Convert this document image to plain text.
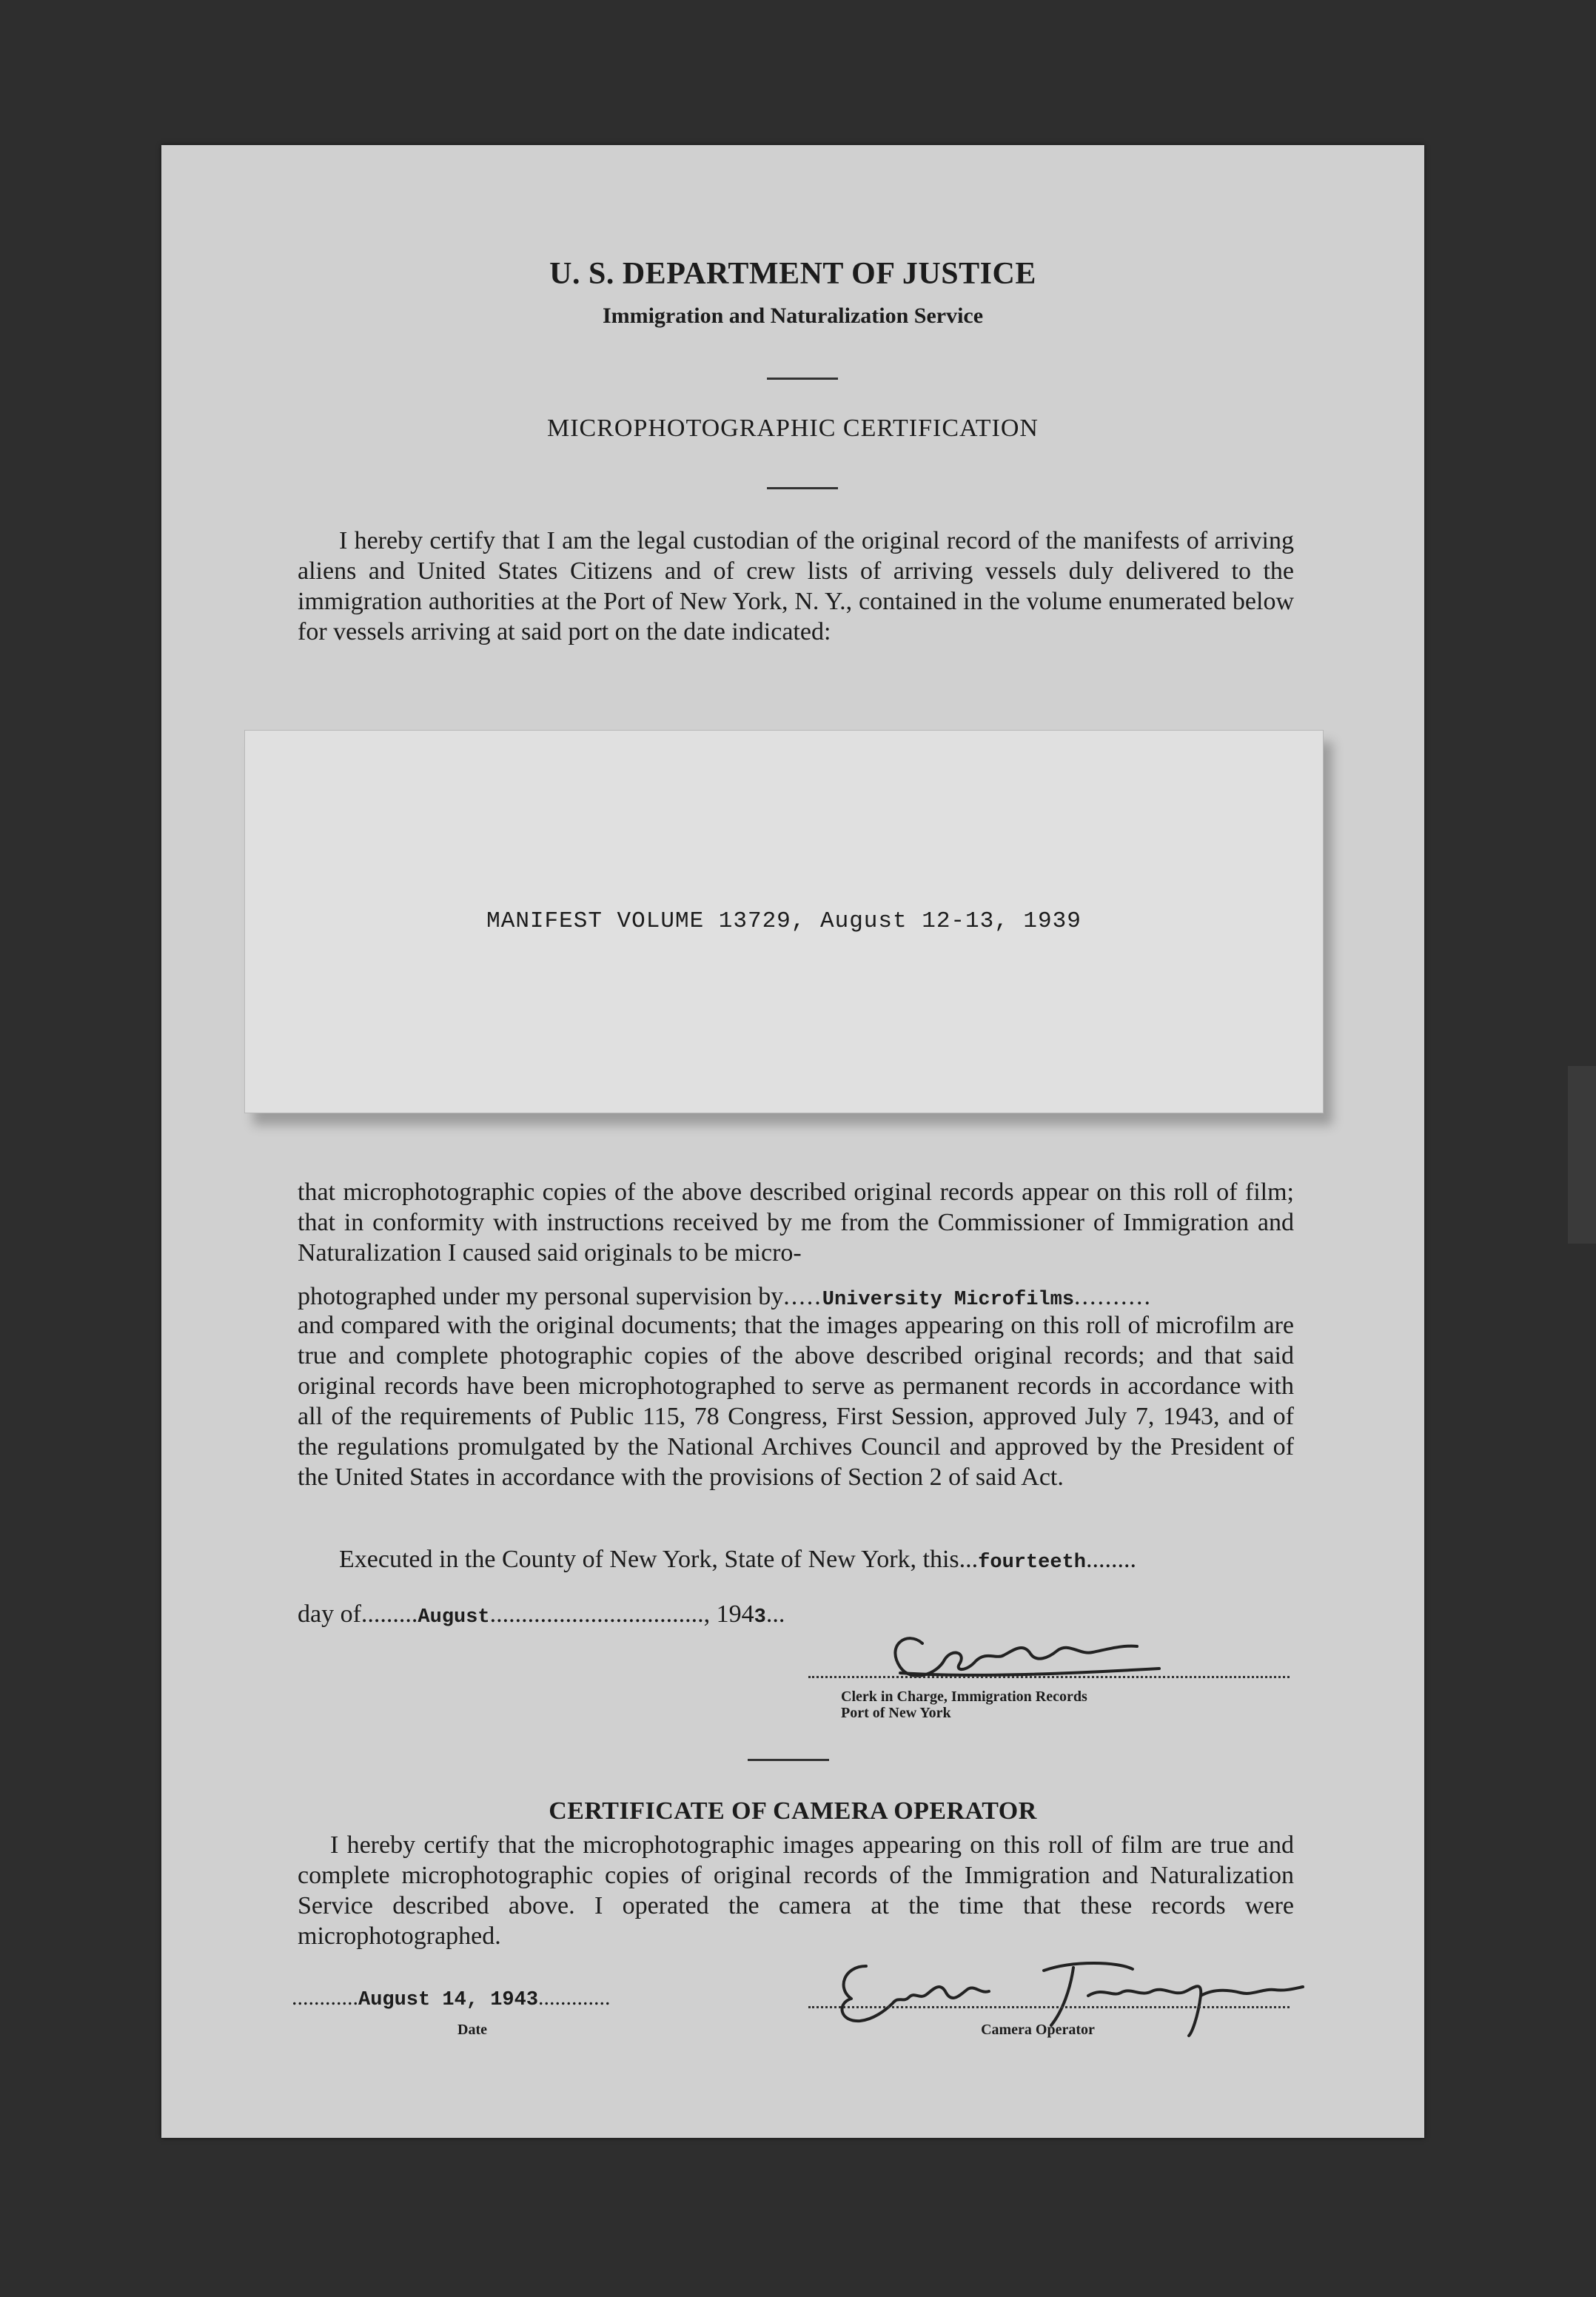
U. S. DEPARTMENT OF JUSTICE
Immigration and Naturalization Service
MICROPHOTOGRAPHIC CERTIFICATION
I hereby certify that I am the legal custodian of the original record of the manifests of arriving aliens and United States Citizens and of crew lists of arriving vessels duly delivered to the immigration authorities at the Port of New York, N. Y., contained in the volume enumerated below for vessels arriving at said port on the date indicated:
MANIFEST VOLUME 13729, August 12-13, 1939
that microphotographic copies of the above described original records appear on this roll of film; that in conformity with instructions received by me from the Commissioner of Immigration and Naturalization I caused said originals to be micro-
photographed under my personal supervision by.....University Microfilms..........
and compared with the original documents; that the images appearing on this roll of microfilm are true and complete photographic copies of the above described original records; and that said original records have been microphotographed to serve as permanent records in accordance with all of the requirements of Public 115, 78 Congress, First Session, approved July 7, 1943, and of the regulations promulgated by the National Archives Council and approved by the President of the United States in accordance with the provisions of Section 2 of said Act.
Executed in the County of New York, State of New York, this...fourteeth........
day of.........August.................................., 1943...
Clerk in Charge, Immigration Records
Port of New York
CERTIFICATE OF CAMERA OPERATOR
I hereby certify that the microphotographic images appearing on this roll of film are true and complete microphotographic copies of original records of the Immigration and Naturalization Service described above. I operated the camera at the time that these records were microphotographed.
............August 14, 1943.............
Date	Camera Operator
